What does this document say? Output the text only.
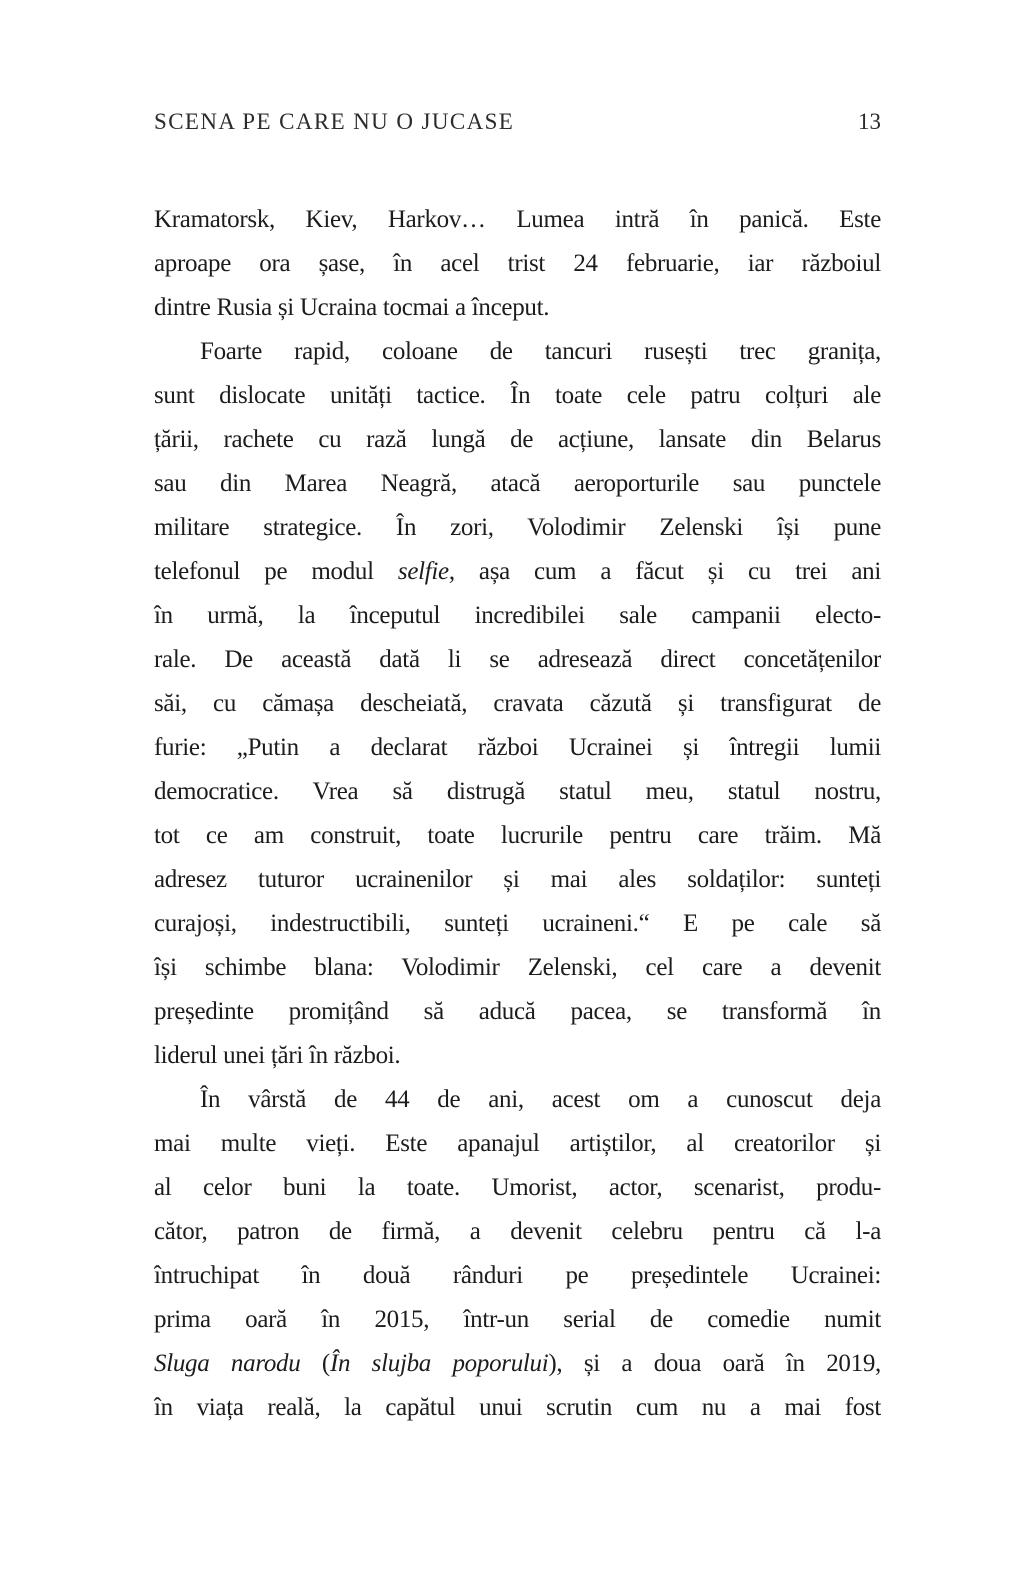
SCENA PE CARE NU O JUCASE	13
Kramatorsk, Kiev, Harkov… Lumea intră în panică. Este
aproape ora șase, în acel trist 24 februarie, iar războiul
dintre Rusia și Ucraina tocmai a început.
Foarte rapid, coloane de tancuri rusești trec granița,
sunt dislocate unități tactice. În toate cele patru colțuri ale
țării, rachete cu rază lungă de acțiune, lansate din Belarus
sau din Marea Neagră, atacă aeroporturile sau punctele
militare strategice. În zori, Volodimir Zelenski își pune
telefonul pe modul selfie, așa cum a făcut și cu trei ani
în urmă, la începutul incredibilei sale campanii electo-
rale. De această dată li se adresează direct concetățenilor
săi, cu cămașa descheiată, cravata căzută și transfigurat de
furie: „Putin a declarat război Ucrainei și întregii lumii
democratice. Vrea să distrugă statul meu, statul nostru,
tot ce am construit, toate lucrurile pentru care trăim. Mă
adresez tuturor ucrainenilor și mai ales soldaților: sunteți
curajoși, indestructibili, sunteți ucraineni.“ E pe cale să
își schimbe blana: Volodimir Zelenski, cel care a devenit
președinte promițând să aducă pacea, se transformă în
liderul unei țări în război.
În vârstă de 44 de ani, acest om a cunoscut deja
mai multe vieți. Este apanajul artiștilor, al creatorilor și
al celor buni la toate. Umorist, actor, scenarist, produ-
cător, patron de firmă, a devenit celebru pentru că l-a
întruchipat în două rânduri pe președintele Ucrainei:
prima oară în 2015, într-un serial de comedie numit
Sluga narodu (În slujba poporului), și a doua oară în 2019,
în viața reală, la capătul unui scrutin cum nu a mai fost
